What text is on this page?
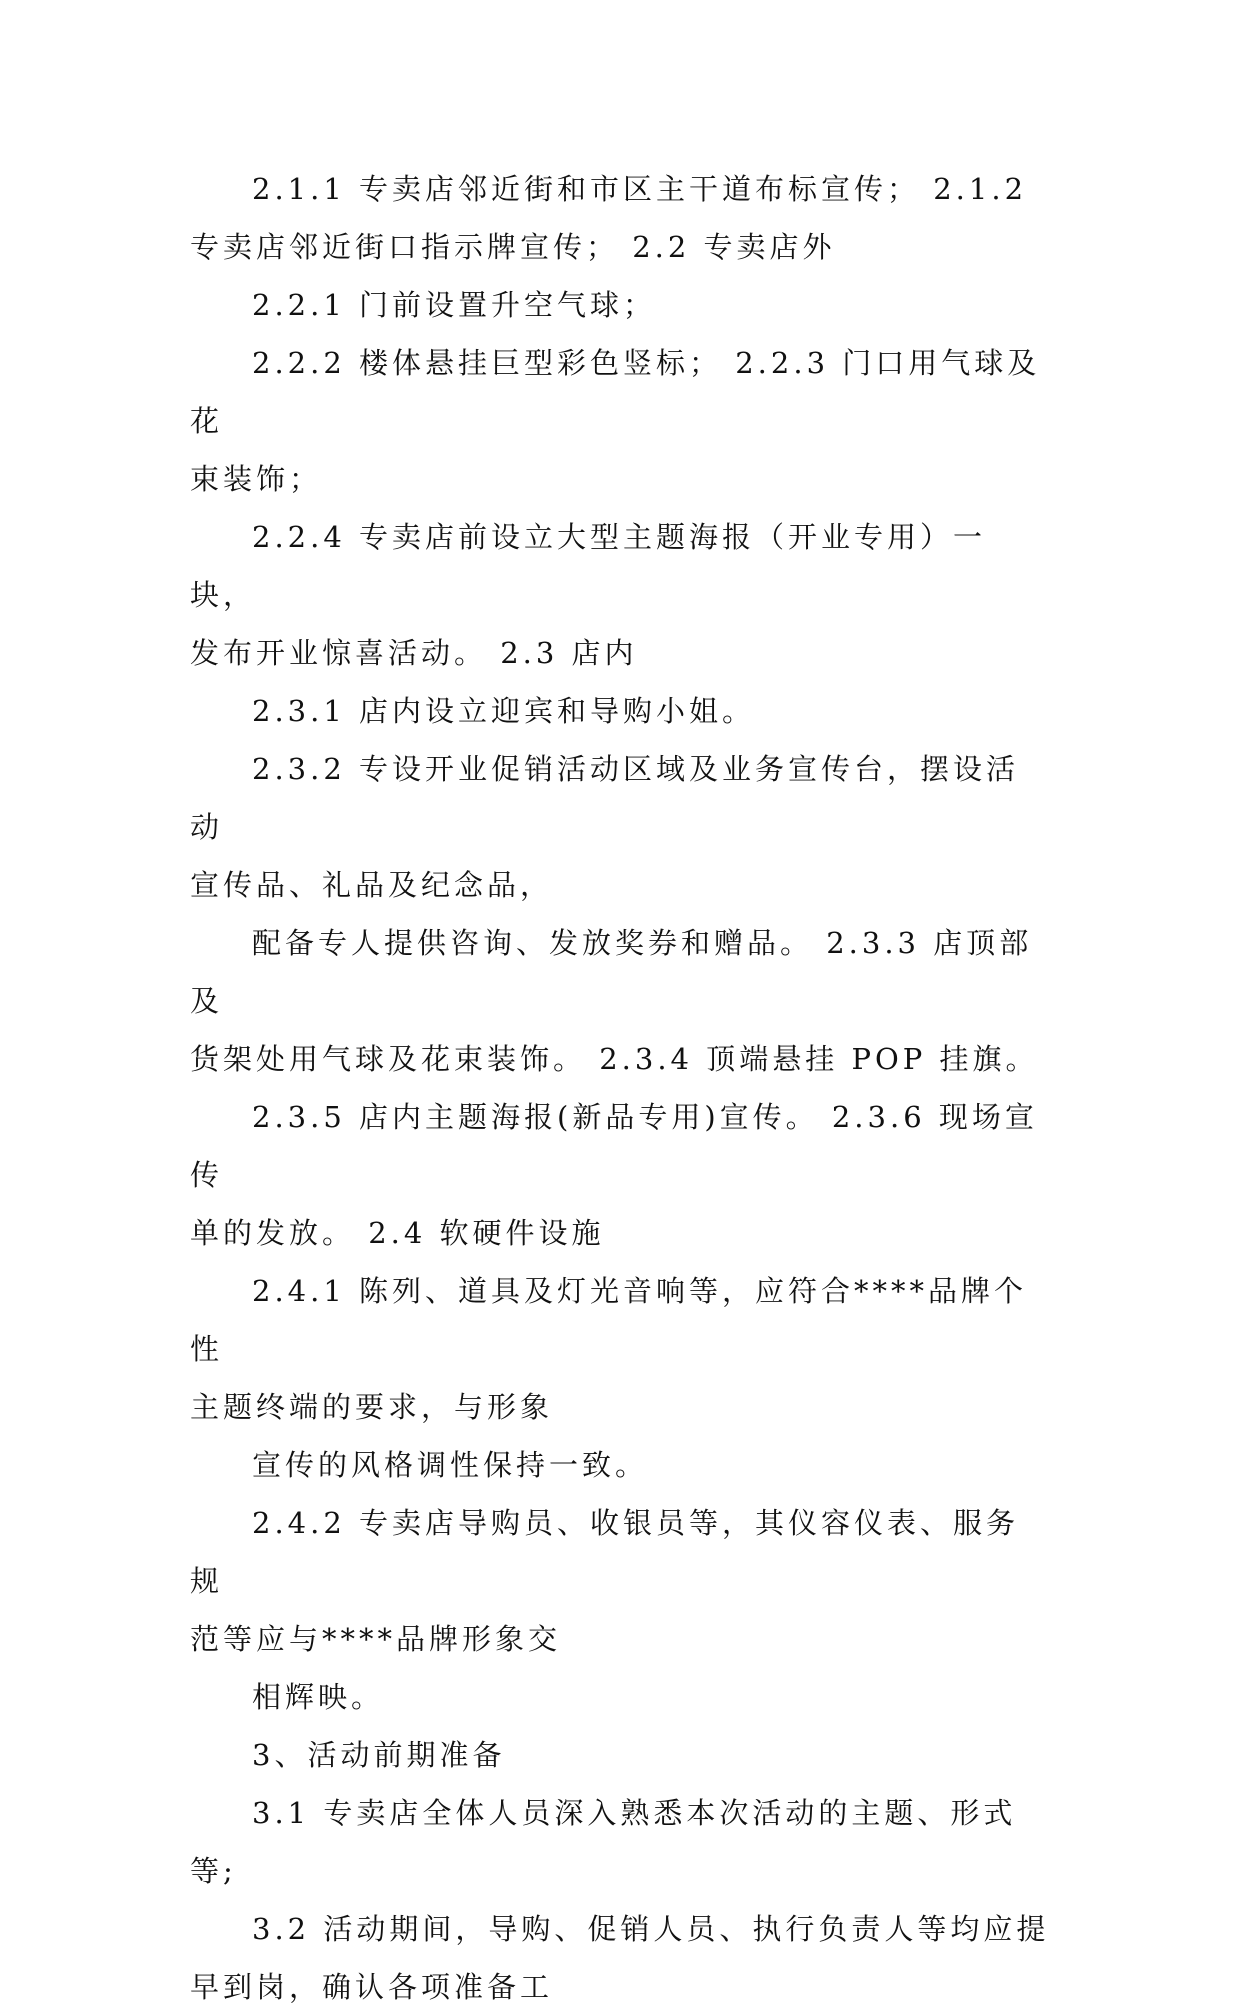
2.1.1 专卖店邻近街和市区主干道布标宣传； 2.1.2

专卖店邻近街口指示牌宣传； 2.2 专卖店外

2.2.1 门前设置升空气球；

2.2.2 楼体悬挂巨型彩色竖标； 2.2.3 门口用气球及花

束装饰；

2.2.4 专卖店前设立大型主题海报（开业专用）一块，

发布开业惊喜活动。 2.3 店内

2.3.1 店内设立迎宾和导购小姐。

2.3.2 专设开业促销活动区域及业务宣传台，摆设活动

宣传品、礼品及纪念品，

配备专人提供咨询、发放奖券和赠品。 2.3.3 店顶部及

货架处用气球及花束装饰。 2.3.4 顶端悬挂 POP 挂旗。

2.3.5 店内主题海报(新品专用)宣传。 2.3.6 现场宣传

单的发放。 2.4 软硬件设施

2.4.1 陈列、道具及灯光音响等，应符合****品牌个性

主题终端的要求，与形象

宣传的风格调性保持一致。

2.4.2 专卖店导购员、收银员等，其仪容仪表、服务规

范等应与****品牌形象交

相辉映。

3、活动前期准备

3.1 专卖店全体人员深入熟悉本次活动的主题、形式等;

3.2 活动期间，导购、促销人员、执行负责人等均应提

早到岗，确认各项准备工
